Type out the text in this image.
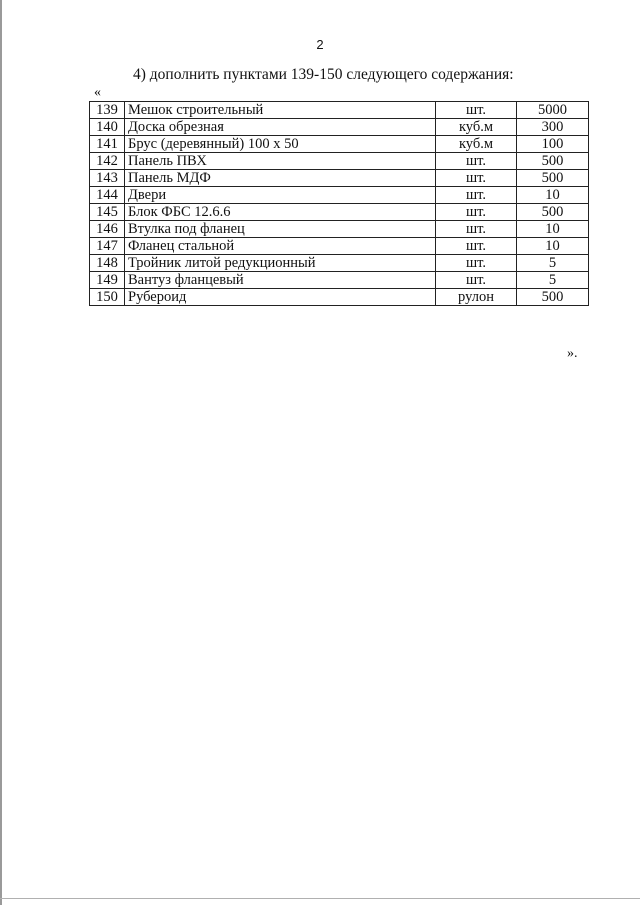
2
4) дополнить пунктами 139-150 следующего содержания:
«
139	Мешок строительный	шт.	5000
140	Доска обрезная	куб.м	300
141	Брус (деревянный) 100 х 50	куб.м	100
142	Панель ПВХ	шт.	500
143	Панель МДФ	шт.	500
144	Двери	шт.	10
145	Блок ФБС 12.6.6	шт.	500
146	Втулка под фланец	шт.	10
147	Фланец стальной	шт.	10
148	Тройник литой редукционный	шт.	5
149	Вантуз фланцевый	шт.	5
150	Рубероид	рулон	500
».
